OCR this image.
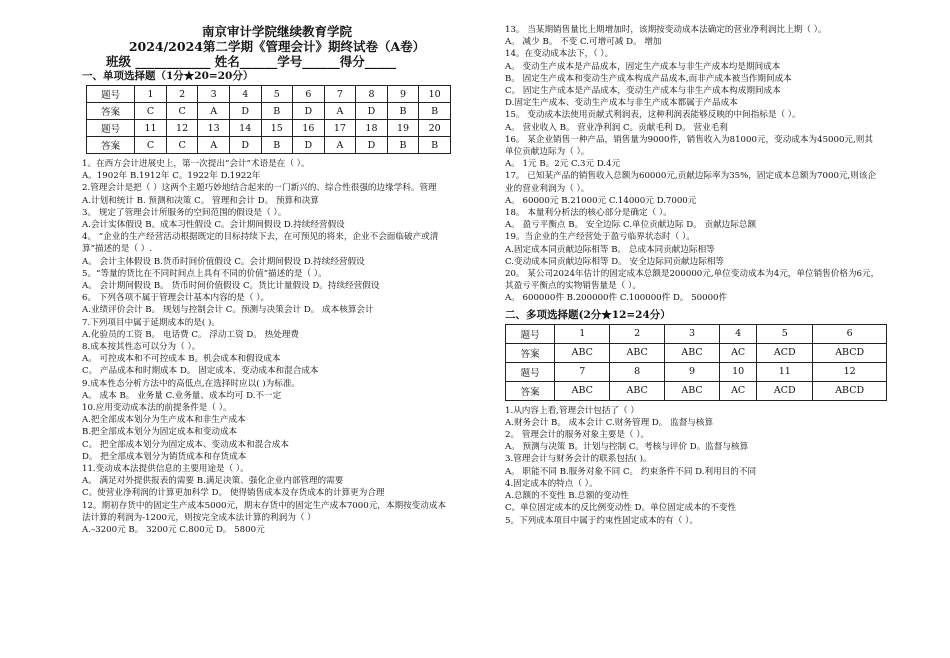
南京审计学院继续教育学院
2024/2024第二学期《管理会计》期终试卷（A卷）
班级 ____________ 姓名______学号______得分_____
一、单项选择题（1分★20=20分）
题号	1	2	3	4	5	6	7	8	9	10
答案	C	C	A	D	B	D	A	D	B	B
题号	11	12	13	14	15	16	17	18	19	20
答案	C	C	A	D	B	D	A	D	B	B
1。在西方会计进展史上，第一次提出“会计”术语是在（ ）。
A。1902年 B.1912年 C。1922年 D.1922年
2.管理会计是把（ ）这两个主题巧妙地结合起来的一门新兴的、综合性很强的边缘学科。管理
A.计划和统计 B. 预测和决策 C。 管理和会计 D。 预算和决算
3。 规定了管理会计所服务的空间范围的假设是（ ）。
A.会计实体假设 B。成本习性假设 C。会计期间假设 D.持续经营假设
4。 “企业的生产经营活动根据既定的目标持续下去，在可预见的将来，企业不会面临破产或清
算”描述的是（ ）.
A。 会计主体假设 B.货币时间价值假设 C。会计期间假设 D.持续经营假设
5。“等量的货比在不同时间点上具有不同的价值”描述的是（ ）。
A。 会计期间假设 B。 货币时间价值假设 C。货比计量假设 D。持续经营假设
6。 下列各项不属于管理会计基本内容的是（ ）。
A.业绩评价会计 B。 规划与控制会计 C。预测与决策会计 D。 成本核算会计
7.下列项目中属于延期成本的是( )。
A.化验员的工资 B。 电话费 C。 浮动工资 D。 热处理费
8.成本按其性态可以分为（ ）。
A。 可控成本和不可控成本 B。机会成本和假设成本
C。 产品成本和时期成本 D。 固定成本、变动成本和混合成本
9.成本性态分析方法中的高低点,在选择时应以( )为标准。
A。 成本 B。 业务量 C.业务量、成本均可 D.不一定
10.应用变动成本法的前提条件是（ ）。
A.把全部成本划分为生产成本和非生产成本
B.把全部成本划分为固定成本和变动成本
C。 把全部成本划分为固定成本、变动成本和混合成本
D。 把全部成本划分为销货成本和存货成本
11.变动成本法提供信息的主要用途是（ ）。
A。 满足对外提供报表的需要 B.满足决策、强化企业内部管理的需要
C。使营业净利润的计算更加科学 D。 使得销售成本及存货成本的计算更为合理
12。期初存货中的固定生产成本5000元，期末存货中的固定生产成本7000元，本期按变动成本
法计算的利润为-1200元，则按完全成本法计算的利润为（ ）
A.–3200元 B。 3200元 C.800元 D。 5800元
13。 当某期销售量比上期增加时，该期按变动成本法确定的营业净利润比上期（ ）。
A。 减少 B。 不变 C.可增可减 D。 增加
14。在变动成本法下，（ ）。
A。 变动生产成本是产品成本，固定生产成本与非生产成本均是期间成本
B。 固定生产成本和变动生产成本构成产品成本,而非产成本被当作期间成本
C。 固定生产成本是产品成本，变动生产成本与非生产成本构成期间成本
D.固定生产成本、变动生产成本与非生产成本都属于产品成本
15。 变动成本法使用贡献式利润表，这种利润表能够反映的中间指标是（ ）。
A。 营业收入 B。 营业净利润 C。贡献毛利 D。 营业毛利
16。 某企业销售一种产品，销售量为9000件，销售收入为81000元，变动成本为45000元,则其
单位贡献边际为（ ）。
A。 1元 B。2元 C.3元 D.4元
17。 已知某产品的销售收入总额为60000元,贡献边际率为35%，固定成本总额为7000元,则该企
业的营业利润为（ ）。
A。 60000元 B.21000元 C.14000元 D.7000元
18。 本量利分析法的核心部分是确定（ ）。
A。 盈亏平衡点 B。 安全边际 C.单位贡献边际 D。 贡献边际总额
19。当企业的生产经营处于盈亏临界状态时（ ）。
A.固定成本同贡献边际相等 B。 总成本同贡献边际相等
C.变动成本同贡献边际相等 D。 安全边际同贡献边际相等
20。 某公司2024年估计的固定成本总额是200000元,单位变动成本为4元，单位销售价格为6元，
其盈亏平衡点的实物销售量是（ ）。
A。 600000件 B.200000件 C.100000件 D。 50000件
二、多项选择题(2分★12=24分）
题号	1	2	3	4	5	6
答案	ABC	ABC	ABC	AC	ACD	ABCD
题号	7	8	9	10	11	12
答案	ABC	ABC	ABC	AC	ACD	ABCD
1.从内容上看,管理会计包括了（ ）
A.财务会计 B。 成本会计 C.财务管理 D。 监督与核算
2。 管理会计的服务对象主要是（ ）。
A。 预测与决策 B。计划与控制 C。考核与评价 D。监督与核算
3.管理会计与财务会计的联系包括( )。
A。 职能不同 B.服务对象不同 C。 约束条件不同 D.利用目的不同
4.固定成本的特点（ ）。
A.总额的不变性 B.总额的变动性
C。单位固定成本的反比例变动性 D。单位固定成本的不变性
5。下列成本项目中属于约束性固定成本的有（ ）。
